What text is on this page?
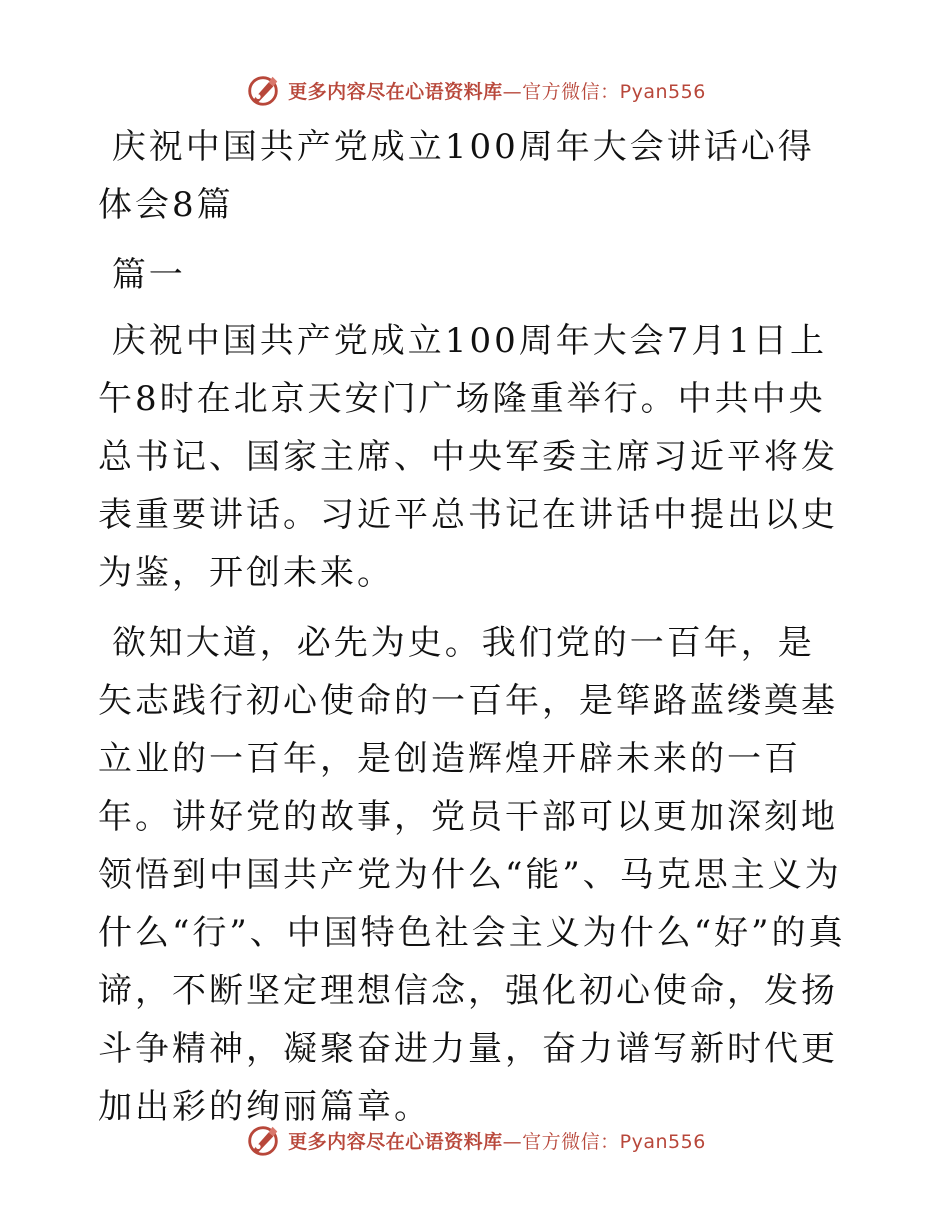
更多内容尽在心语资料库 —官方微信：Pyan556

庆祝中国共产党成立100周年大会讲话心得体会8篇

篇一

庆祝中国共产党成立100周年大会7月1日上午8时在北京天安门广场隆重举行。中共中央总书记、国家主席、中央军委主席习近平将发表重要讲话。习近平总书记在讲话中提出以史为鉴，开创未来。

欲知大道，必先为史。我们党的一百年，是矢志践行初心使命的一百年，是筚路蓝缕奠基立业的一百年，是创造辉煌开辟未来的一百年。讲好党的故事，党员干部可以更加深刻地领悟到中国共产党为什么“能”、马克思主义为什么“行”、中国特色社会主义为什么“好”的真谛，不断坚定理想信念，强化初心使命，发扬斗争精神，凝聚奋进力量，奋力谱写新时代更加出彩的绚丽篇章。

更多内容尽在心语资料库 —官方微信：Pyan556
